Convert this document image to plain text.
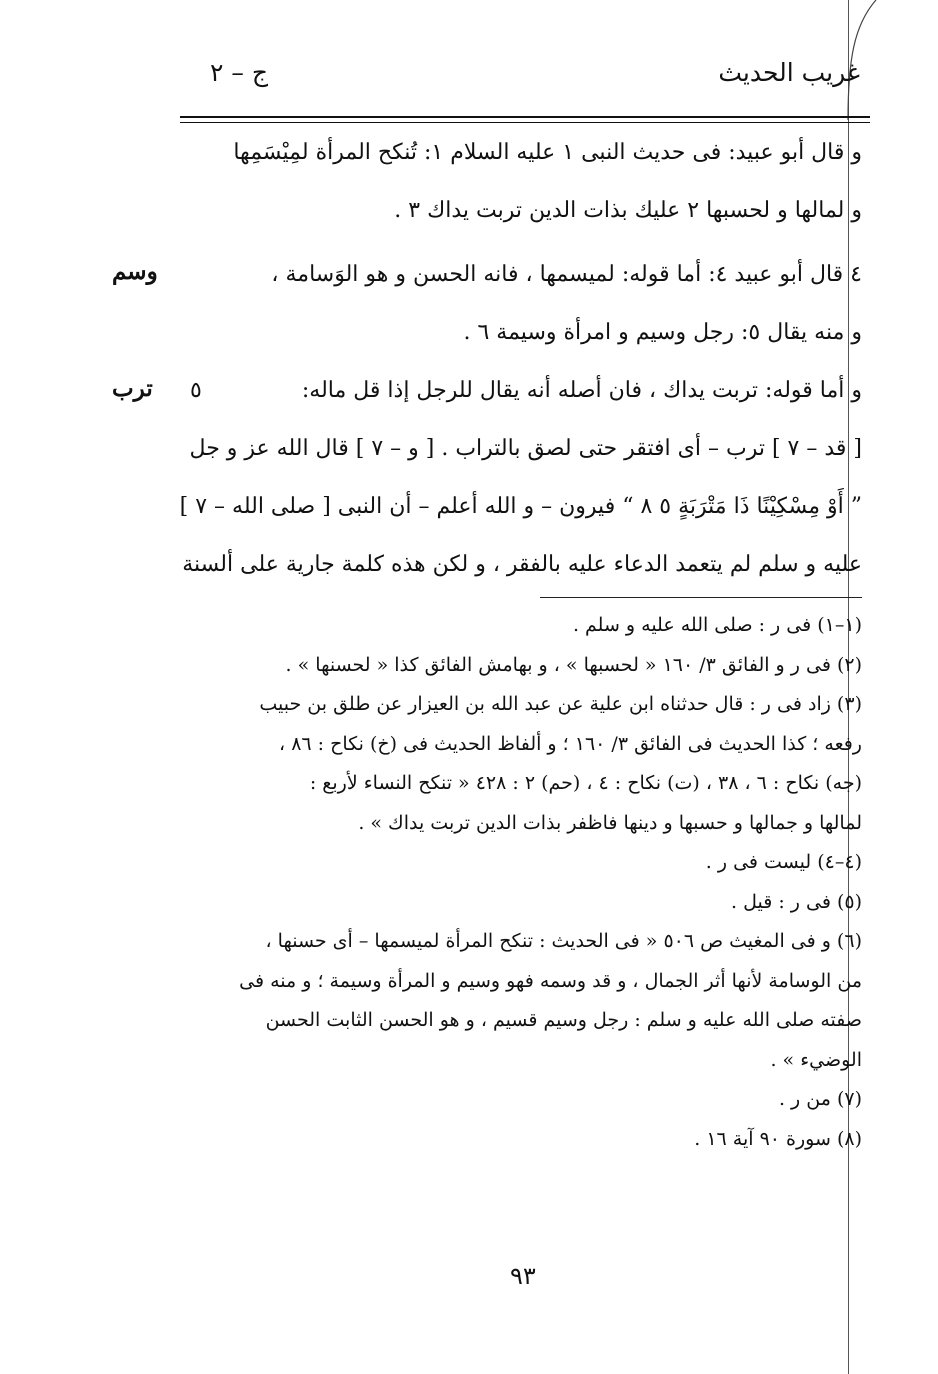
غريب الحديث
ج – ٢
و قال أبو عبيد: فى حديث النبى ١ عليه السلام ١: تُنكح المرأة لمِيْسَمِها
و لمالها و لحسبها ٢ عليك بذات الدين تربت يداك ٣ .
٤ قال أبو عبيد ٤: أما قوله: لميسمها ، فانه الحسن و هو الوَسامة ،
و منه يقال ٥: رجل وسيم و امرأة وسيمة ٦ .
و أما قوله: تربت يداك ، فان أصله أنه يقال للرجل إذا قل ماله:
[ قد – ٧ ] ترب – أى افتقر حتى لصق بالتراب . [ و – ٧ ] قال الله عز و جل
” أَوْ مِسْكِيْنًا ذَا مَتْرَبَةٍ ٥ ٨ “ فيرون – و الله أعلم – أن النبى [ صلى الله – ٧ ]
عليه و سلم لم يتعمد الدعاء عليه بالفقر ، و لكن هذه كلمة جارية على ألسنة
وسم
ترب ٥
(١–١) فى ر : صلى الله عليه و سلم .
(٢) فى ر و الفائق ٣/ ١٦٠ « لحسبها » ، و بهامش الفائق كذا « لحسنها » .
(٣) زاد فى ر : قال حدثناه ابن علية عن عبد الله بن العيزار عن طلق بن حبيب
رفعه ؛ كذا الحديث فى الفائق ٣/ ١٦٠ ؛ و ألفاظ الحديث فى (خ) نكاح : ٨٦ ،
(جه) نكاح : ٦ ، ٣٨ ، (ت) نكاح : ٤ ، (حم) ٢ : ٤٢٨ « تنكح النساء لأربع :
لمالها و جمالها و حسبها و دينها فاظفر بذات الدين تربت يداك » .
(٤–٤) ليست فى ر .
(٥) فى ر : قيل .
(٦) و فى المغيث ص ٥٠٦ « فى الحديث : تنكح المرأة لميسمها – أى حسنها ،
من الوسامة لأنها أثر الجمال ، و قد وسمه فهو وسيم و المرأة وسيمة ؛ و منه فى
صفته صلى الله عليه و سلم : رجل وسيم قسيم ، و هو الحسن الثابت الحسن
الوضيء » .
(٧) من ر .
(٨) سورة ٩٠ آية ١٦ .
٩٣
